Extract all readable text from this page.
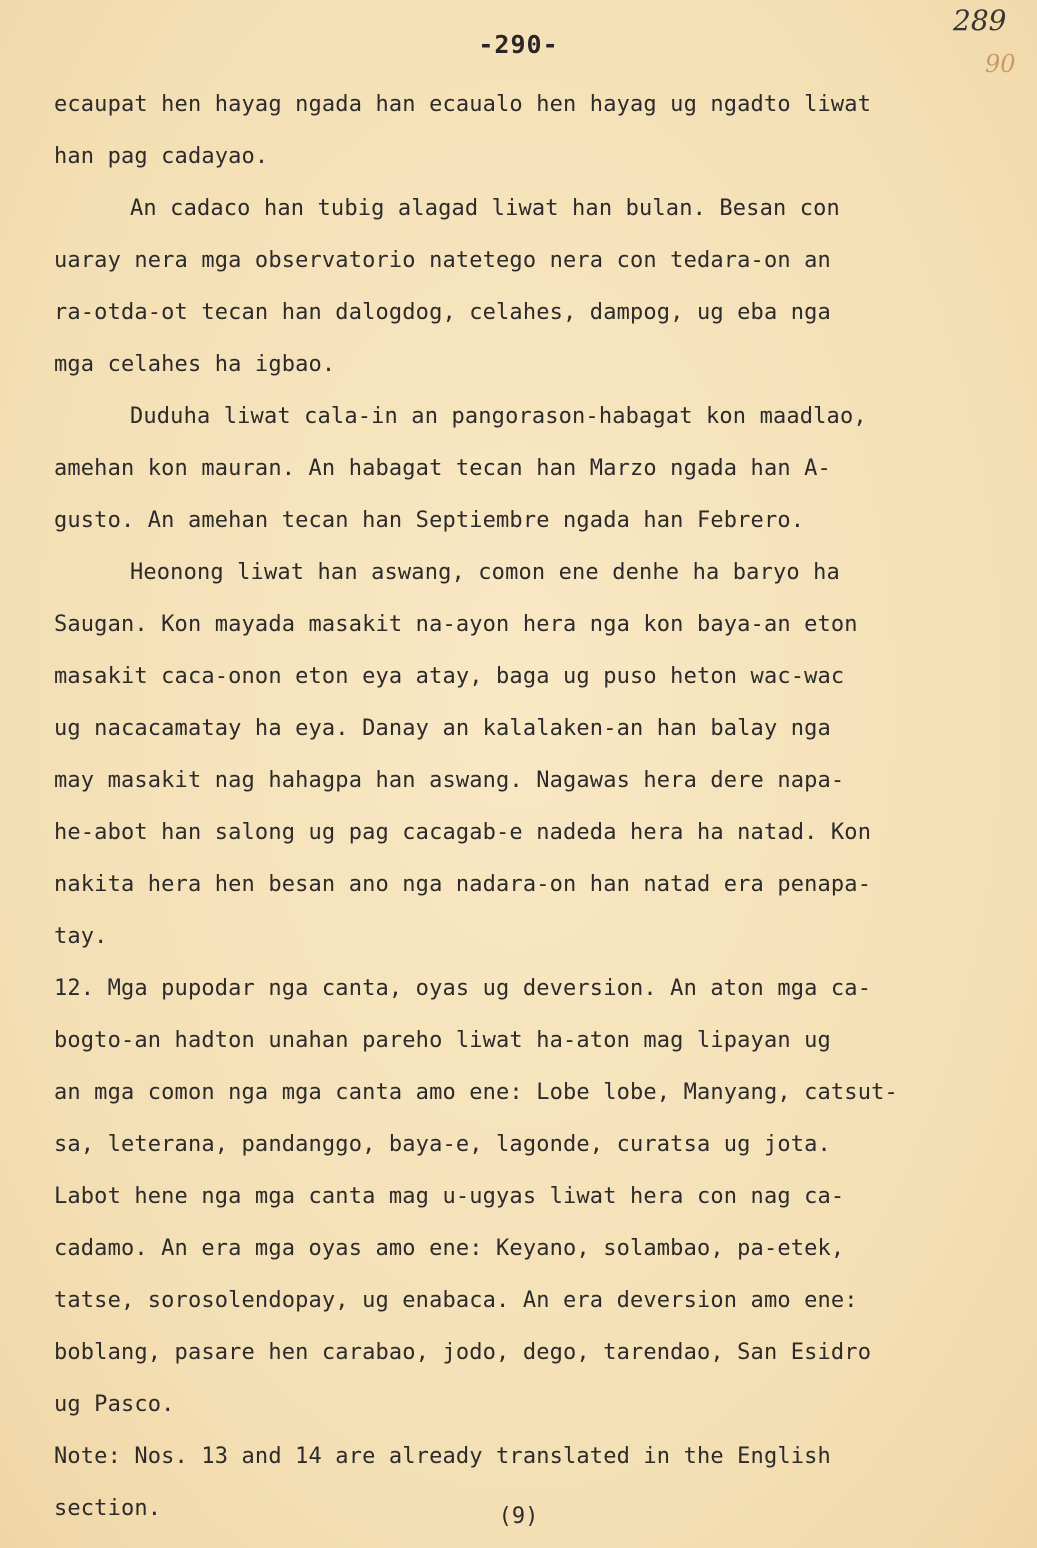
-290-
289
90
ecaupat hen hayag ngada han ecaualo hen hayag ug ngadto liwat
han pag cadayao.
An cadaco han tubig alagad liwat han bulan. Besan con
uaray nera mga observatorio natetego nera con tedara-on an
ra-otda-ot tecan han dalogdog, celahes, dampog, ug eba nga
mga celahes ha igbao.
Duduha liwat cala-in an pangorason-habagat kon maadlao,
amehan kon mauran. An habagat tecan han Marzo ngada han A-
gusto. An amehan tecan han Septiembre ngada han Febrero.
Heonong liwat han aswang, comon ene denhe ha baryo ha
Saugan. Kon mayada masakit na-ayon hera nga kon baya-an eton
masakit caca-onon eton eya atay, baga ug puso heton wac-wac
ug nacacamatay ha eya. Danay an kalalaken-an han balay nga
may masakit nag hahagpa han aswang. Nagawas hera dere napa-
he-abot han salong ug pag cacagab-e nadeda hera ha natad. Kon
nakita hera hen besan ano nga nadara-on han natad era penapa-
tay.
12. Mga pupodar nga canta, oyas ug deversion. An aton mga ca-
bogto-an hadton unahan pareho liwat ha-aton mag lipayan ug
an mga comon nga mga canta amo ene: Lobe lobe, Manyang, catsut-
sa, leterana, pandanggo, baya-e, lagonde, curatsa ug jota.
Labot hene nga mga canta mag u-ugyas liwat hera con nag ca-
cadamo. An era mga oyas amo ene: Keyano, solambao, pa-etek,
tatse, sorosolendopay, ug enabaca. An era deversion amo ene:
boblang, pasare hen carabao, jodo, dego, tarendao, San Esidro
ug Pasco.
Note: Nos. 13 and 14 are already translated in the English
section.	(9)
